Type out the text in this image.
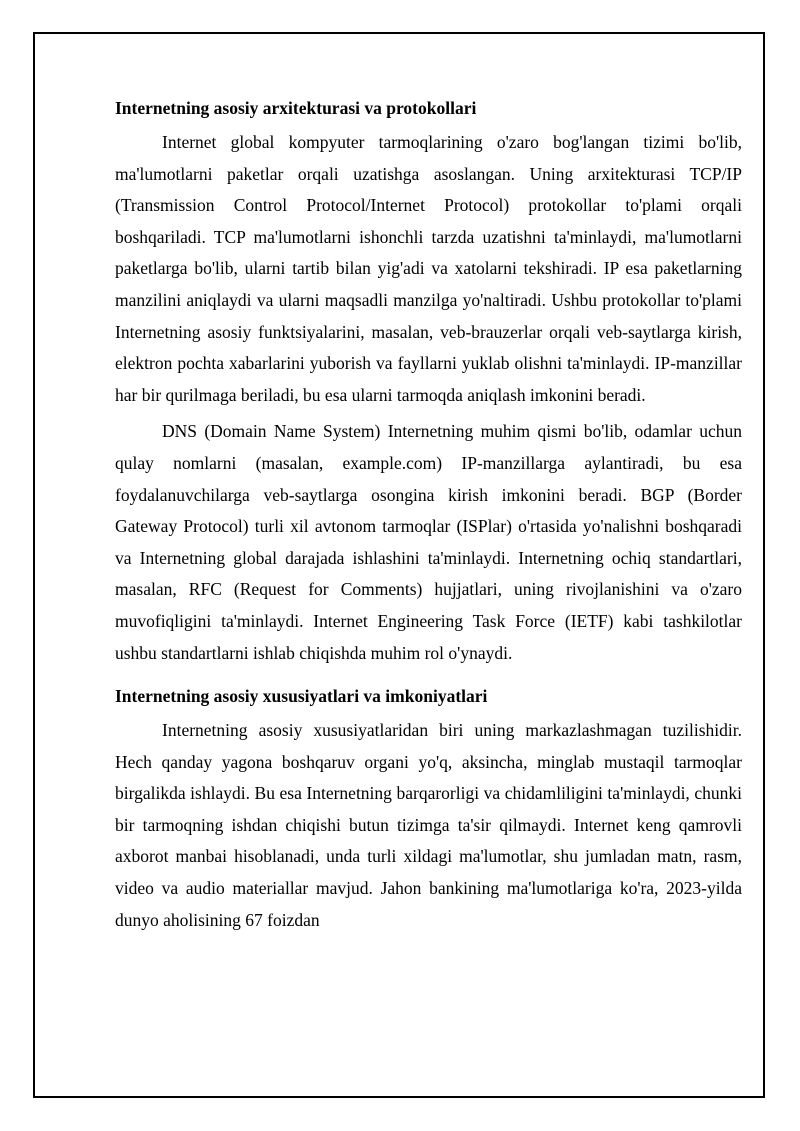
Internetning asosiy arxitekturasi va protokollari

Internet global kompyuter tarmoqlarining o'zaro bog'langan tizimi bo'lib, ma'lumotlarni paketlar orqali uzatishga asoslangan. Uning arxitekturasi TCP/IP (Transmission Control Protocol/Internet Protocol) protokollar to'plami orqali boshqariladi. TCP ma'lumotlarni ishonchli tarzda uzatishni ta'minlaydi, ma'lumotlarni paketlarga bo'lib, ularni tartib bilan yig'adi va xatolarni tekshiradi. IP esa paketlarning manzilini aniqlaydi va ularni maqsadli manzilga yo'naltiradi. Ushbu protokollar to'plami Internetning asosiy funktsiyalarini, masalan, veb-brauzerlar orqali veb-saytlarga kirish, elektron pochta xabarlarini yuborish va fayllarni yuklab olishni ta'minlaydi. IP-manzillar har bir qurilmaga beriladi, bu esa ularni tarmoqda aniqlash imkonini beradi.

DNS (Domain Name System) Internetning muhim qismi bo'lib, odamlar uchun qulay nomlarni (masalan, example.com) IP-manzillarga aylantiradi, bu esa foydalanuvchilarga veb-saytlarga osongina kirish imkonini beradi. BGP (Border Gateway Protocol) turli xil avtonom tarmoqlar (ISPlar) o'rtasida yo'nalishni boshqaradi va Internetning global darajada ishlashini ta'minlaydi. Internetning ochiq standartlari, masalan, RFC (Request for Comments) hujjatlari, uning rivojlanishini va o'zaro muvofiqligini ta'minlaydi. Internet Engineering Task Force (IETF) kabi tashkilotlar ushbu standartlarni ishlab chiqishda muhim rol o'ynaydi.

Internetning asosiy xususiyatlari va imkoniyatlari

Internetning asosiy xususiyatlaridan biri uning markazlashmagan tuzilishidir. Hech qanday yagona boshqaruv organi yo'q, aksincha, minglab mustaqil tarmoqlar birgalikda ishlaydi. Bu esa Internetning barqarorligi va chidamliligini ta'minlaydi, chunki bir tarmoqning ishdan chiqishi butun tizimga ta'sir qilmaydi. Internet keng qamrovli axborot manbai hisoblanadi, unda turli xildagi ma'lumotlar, shu jumladan matn, rasm, video va audio materiallar mavjud. Jahon bankining ma'lumotlariga ko'ra, 2023-yilda dunyo aholisining 67 foizdan
